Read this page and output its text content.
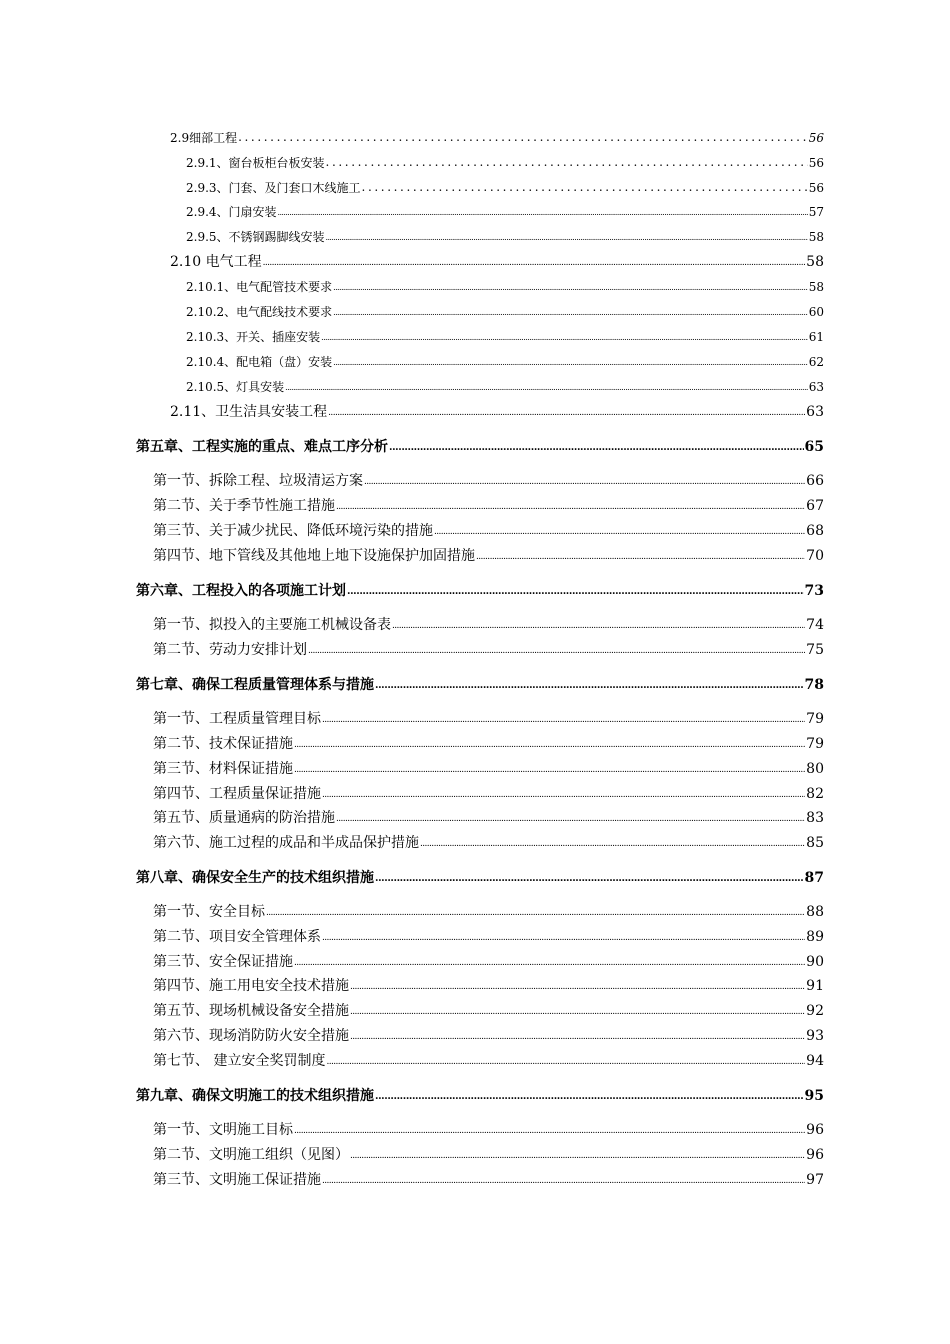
2.9细部工程 .....	56
2.9.1、窗台板柜台板安装 .....	56
2.9.3、门套、及门套口木线施工 .....	56
2.9.4、门扇安装 .....	57
2.9.5、不锈钢踢脚线安装 .....	58
2.10 电气工程 .....	58
2.10.1、电气配管技术要求 .....	58
2.10.2、电气配线技术要求 .....	60
2.10.3、开关、插座安装 .....	61
2.10.4、配电箱（盘）安装 .....	62
2.10.5、灯具安装 .....	63
2.11、卫生洁具安装工程 .....	63
第五章、工程实施的重点、难点工序分析 .....	65
第一节、拆除工程、垃圾清运方案 .....	66
第二节、关于季节性施工措施 .....	67
第三节、关于减少扰民、降低环境污染的措施 .....	68
第四节、地下管线及其他地上地下设施保护加固措施 .....	70
第六章、工程投入的各项施工计划 .....	73
第一节、拟投入的主要施工机械设备表 .....	74
第二节、劳动力安排计划 .....	75
第七章、确保工程质量管理体系与措施 .....	78
第一节、工程质量管理目标 .....	79
第二节、技术保证措施 .....	79
第三节、材料保证措施 .....	80
第四节、工程质量保证措施 .....	82
第五节、质量通病的防治措施 .....	83
第六节、施工过程的成品和半成品保护措施 .....	85
第八章、确保安全生产的技术组织措施 .....	87
第一节、安全目标 .....	88
第二节、项目安全管理体系 .....	89
第三节、安全保证措施 .....	90
第四节、施工用电安全技术措施 .....	91
第五节、现场机械设备安全措施 .....	92
第六节、现场消防防火安全措施 .....	93
第七节、 建立安全奖罚制度 .....	94
第九章、确保文明施工的技术组织措施 .....	95
第一节、文明施工目标 .....	96
第二节、文明施工组织（见图） .....	96
第三节、文明施工保证措施 .....	97
